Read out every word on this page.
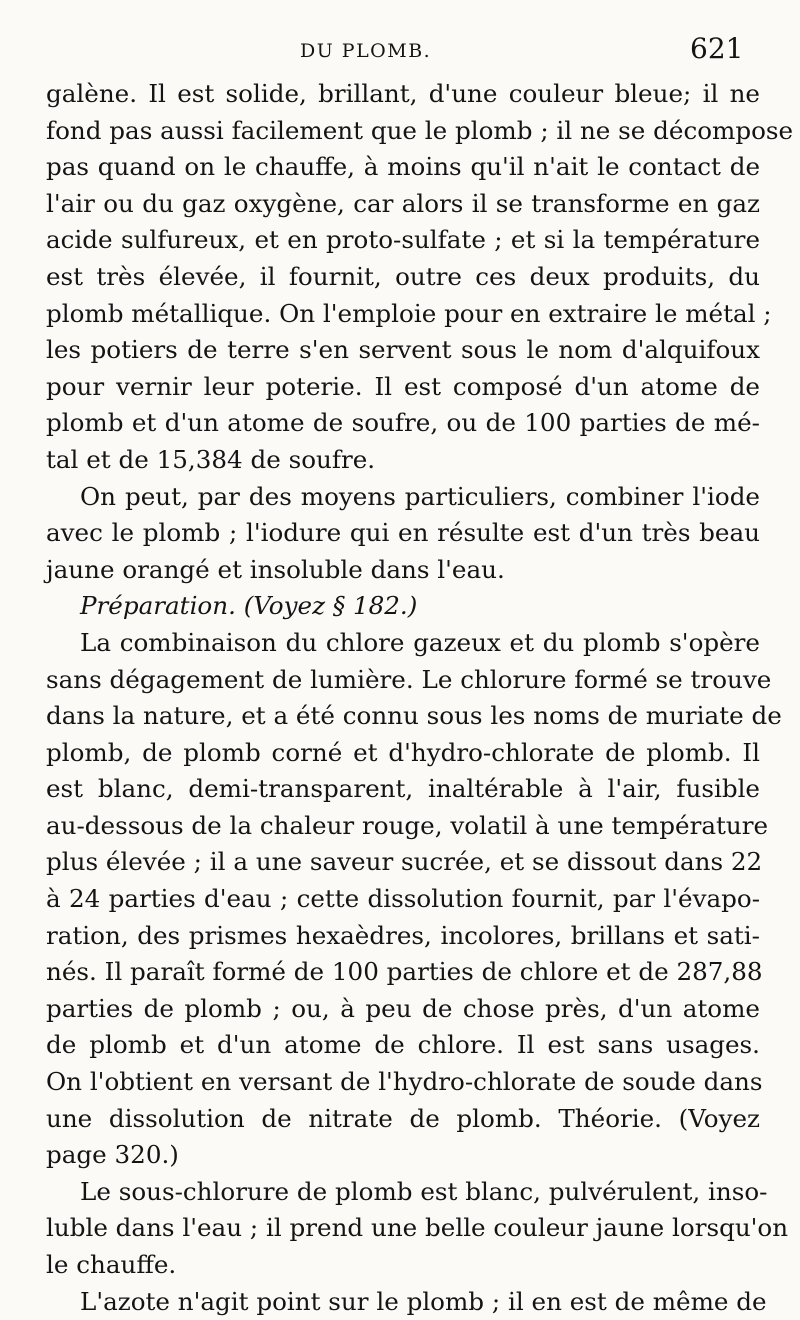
DU PLOMB.	621
galène. Il est solide, brillant, d'une couleur bleue; il ne
fond pas aussi facilement que le plomb ; il ne se décompose
pas quand on le chauffe, à moins qu'il n'ait le contact de
l'air ou du gaz oxygène, car alors il se transforme en gaz
acide sulfureux, et en proto-sulfate ; et si la température
est très élevée, il fournit, outre ces deux produits, du
plomb métallique. On l'emploie pour en extraire le métal ;
les potiers de terre s'en servent sous le nom d'alquifoux
pour vernir leur poterie. Il est composé d'un atome de
plomb et d'un atome de soufre, ou de 100 parties de mé-
tal et de 15,384 de soufre.
On peut, par des moyens particuliers, combiner l'iode
avec le plomb ; l'iodure qui en résulte est d'un très beau
jaune orangé et insoluble dans l'eau.
Préparation. (Voyez § 182.)
La combinaison du chlore gazeux et du plomb s'opère
sans dégagement de lumière. Le chlorure formé se trouve
dans la nature, et a été connu sous les noms de muriate de
plomb, de plomb corné et d'hydro-chlorate de plomb. Il
est blanc, demi-transparent, inaltérable à l'air, fusible
au-dessous de la chaleur rouge, volatil à une température
plus élevée ; il a une saveur sucrée, et se dissout dans 22
à 24 parties d'eau ; cette dissolution fournit, par l'évapo-
ration, des prismes hexaèdres, incolores, brillans et sati-
nés. Il paraît formé de 100 parties de chlore et de 287,88
parties de plomb ; ou, à peu de chose près, d'un atome
de plomb et d'un atome de chlore. Il est sans usages.
On l'obtient en versant de l'hydro-chlorate de soude dans
une dissolution de nitrate de plomb. Théorie. (Voyez
page 320.)
Le sous-chlorure de plomb est blanc, pulvérulent, inso-
luble dans l'eau ; il prend une belle couleur jaune lorsqu'on
le chauffe.
L'azote n'agit point sur le plomb ; il en est de même de
